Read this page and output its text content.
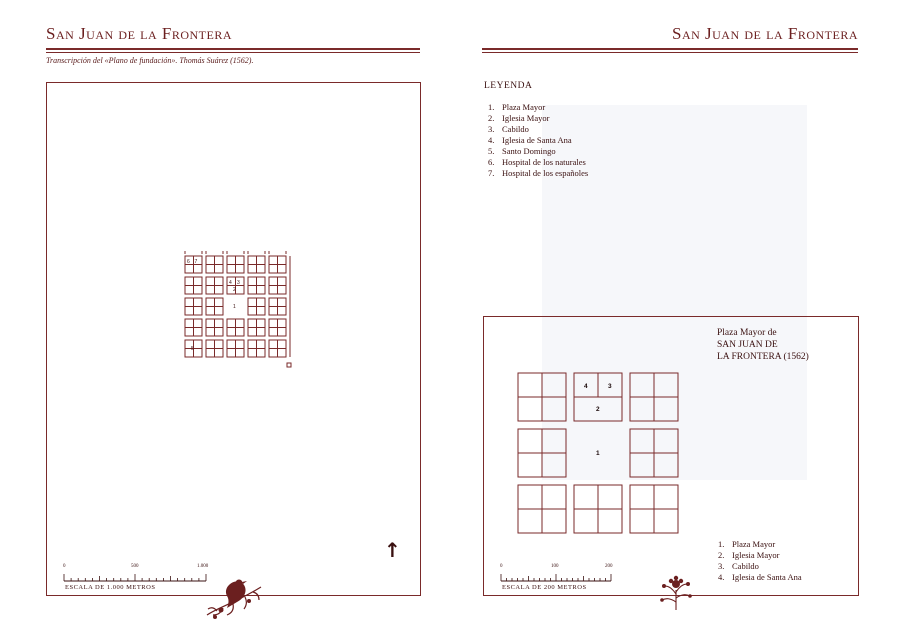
San Juan de la Frontera
Transcripción del «Plano de fundación». Thomás Suárez (1562).
6 7
4 3
2
1
5
↑
0	500	1.000
ESCALA DE 1.000 METROS
San Juan de la Frontera
LEYENDA
1. Plaza Mayor
2. Iglesia Mayor
3. Cabildo
4. Iglesia de Santa Ana
5. Santo Domingo
6. Hospital de los naturales
7. Hospital de los españoles
Plaza Mayor de
SAN JUAN DE
LA FRONTERA (1562)
4	3
2
1
1. Plaza Mayor
2. Iglesia Mayor
3. Cabildo
4. Iglesia de Santa Ana
0	100	200
ESCALA DE 200 METROS
